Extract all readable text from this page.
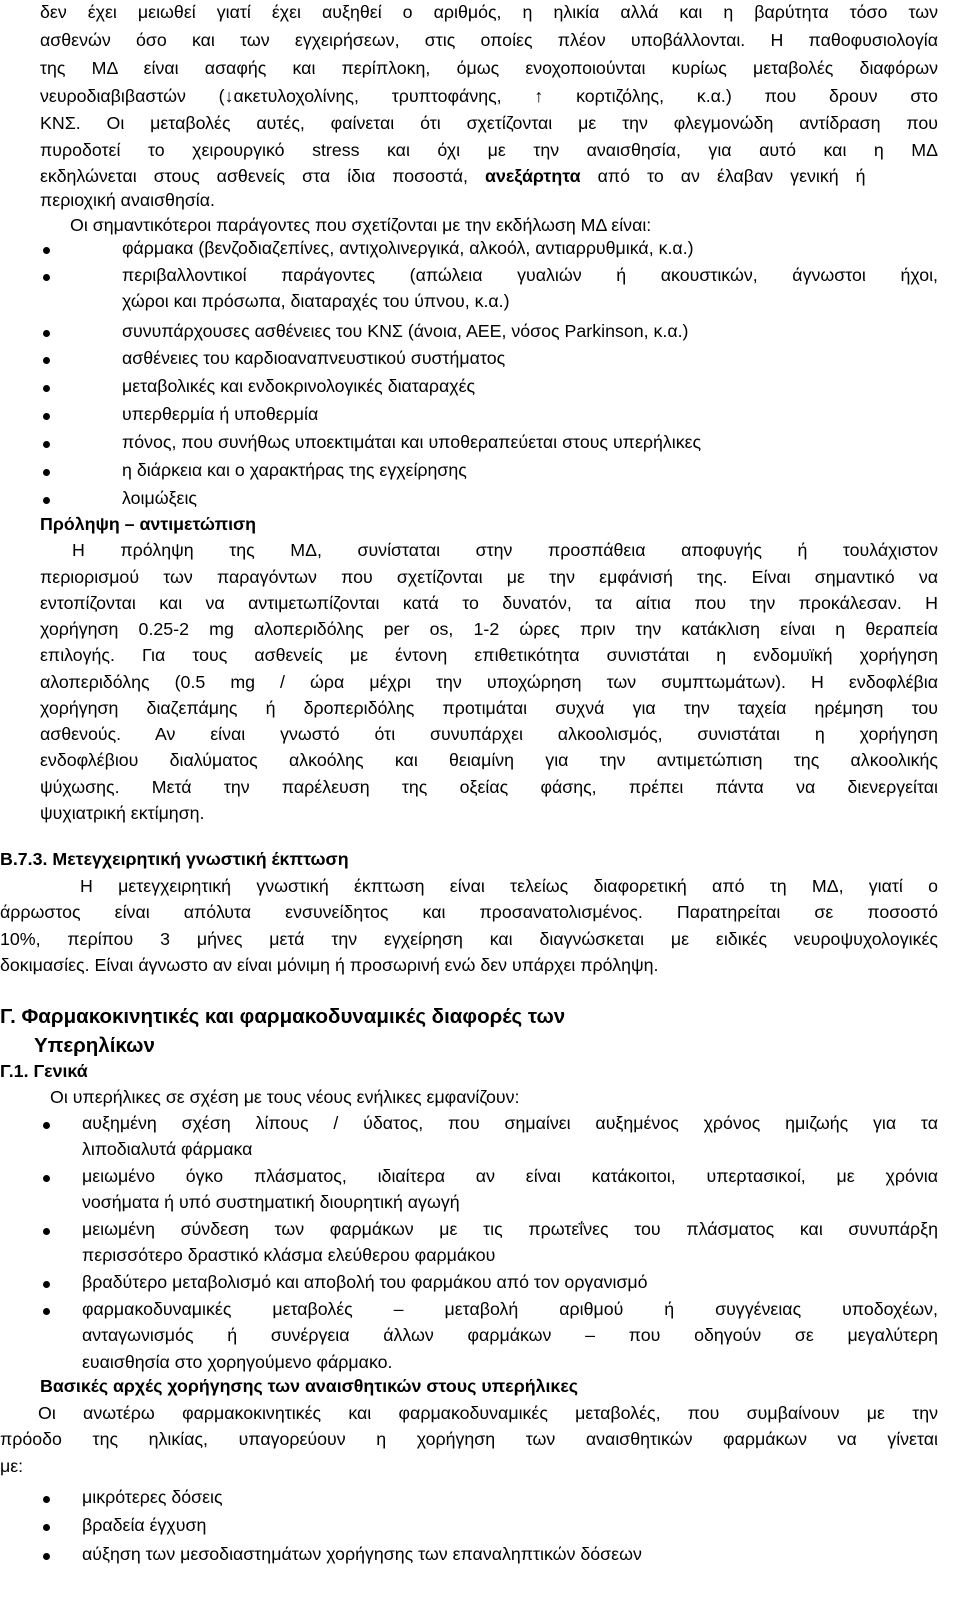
δεν έχει μειωθεί γιατί έχει αυξηθεί ο αριθμός, η ηλικία αλλά και η βαρύτητα τόσο των
ασθενών όσο και των εγχειρήσεων, στις οποίες πλέον υποβάλλονται. Η παθοφυσιολογία
της ΜΔ είναι ασαφής και περίπλοκη, όμως ενοχοποιούνται κυρίως μεταβολές διαφόρων
νευροδιαβιβαστών (↓ακετυλοχολίνης, τρυπτοφάνης, ↑ κορτιζόλης, κ.α.) που δρουν στο
ΚΝΣ. Οι μεταβολές αυτές, φαίνεται ότι σχετίζονται με την φλεγμονώδη αντίδραση που
πυροδοτεί το χειρουργικό stress και όχι με την αναισθησία, για αυτό και η ΜΔ
εκδηλώνεται στους ασθενείς στα ίδια ποσοστά, ανεξάρτητα από το αν έλαβαν γενική ή
περιοχική αναισθησία.
Οι σημαντικότεροι παράγοντες που σχετίζονται με την εκδήλωση ΜΔ είναι:
φάρμακα (βενζοδιαζεπίνες, αντιχολινεργικά, αλκοόλ, αντιαρρυθμικά, κ.α.)
περιβαλλοντικοί παράγοντες (απώλεια γυαλιών ή ακουστικών, άγνωστοι ήχοι,
χώροι και πρόσωπα, διαταραχές του ύπνου, κ.α.)
συνυπάρχουσες ασθένειες του ΚΝΣ (άνοια, ΑΕΕ, νόσος Parkinson, κ.α.)
ασθένειες του καρδιοαναπνευστικού συστήματος
μεταβολικές και ενδοκρινολογικές διαταραχές
υπερθερμία ή υποθερμία
πόνος, που συνήθως υποεκτιμάται και υποθεραπεύεται στους υπερήλικες
η διάρκεια και ο χαρακτήρας της εγχείρησης
λοιμώξεις
Πρόληψη – αντιμετώπιση
Η πρόληψη της ΜΔ, συνίσταται στην προσπάθεια αποφυγής ή τουλάχιστον
περιορισμού των παραγόντων που σχετίζονται με την εμφάνισή της. Είναι σημαντικό να
εντοπίζονται και να αντιμετωπίζονται κατά το δυνατόν, τα αίτια που την προκάλεσαν. Η
χορήγηση 0.25-2 mg αλοπεριδόλης per os, 1-2 ώρες πριν την κατάκλιση είναι η θεραπεία
επιλογής. Για τους ασθενείς με έντονη επιθετικότητα συνιστάται η ενδομυϊκή χορήγηση
αλοπεριδόλης (0.5 mg / ώρα μέχρι την υποχώρηση των συμπτωμάτων). Η ενδοφλέβια
χορήγηση διαζεπάμης ή δροπεριδόλης προτιμάται συχνά για την ταχεία ηρέμηση του
ασθενούς. Αν είναι γνωστό ότι συνυπάρχει αλκοολισμός, συνιστάται η χορήγηση
ενδοφλέβιου διαλύματος αλκοόλης και θειαμίνη για την αντιμετώπιση της αλκοολικής
ψύχωσης. Μετά την παρέλευση της οξείας φάσης, πρέπει πάντα να διενεργείται
ψυχιατρική εκτίμηση.
Β.7.3. Μετεγχειρητική γνωστική έκπτωση
Η μετεγχειρητική γνωστική έκπτωση είναι τελείως διαφορετική από τη ΜΔ, γιατί ο
άρρωστος είναι απόλυτα ενσυνείδητος και προσανατολισμένος. Παρατηρείται σε ποσοστό
10%, περίπου 3 μήνες μετά την εγχείρηση και διαγνώσκεται με ειδικές νευροψυχολογικές
δοκιμασίες. Είναι άγνωστο αν είναι μόνιμη ή προσωρινή ενώ δεν υπάρχει πρόληψη.
Γ. Φαρμακοκινητικές και φαρμακοδυναμικές διαφορές των
Υπερηλίκων
Γ.1. Γενικά
Οι υπερήλικες σε σχέση με τους νέους ενήλικες εμφανίζουν:
αυξημένη σχέση λίπους / ύδατος, που σημαίνει αυξημένος χρόνος ημιζωής για τα
λιποδιαλυτά φάρμακα
μειωμένο όγκο πλάσματος, ιδιαίτερα αν είναι κατάκοιτοι, υπερτασικοί, με χρόνια
νοσήματα ή υπό συστηματική διουρητική αγωγή
μειωμένη σύνδεση των φαρμάκων με τις πρωτεΐνες του πλάσματος και συνυπάρξη
περισσότερο δραστικό κλάσμα ελεύθερου φαρμάκου
βραδύτερο μεταβολισμό και αποβολή του φαρμάκου από τον οργανισμό
φαρμακοδυναμικές μεταβολές – μεταβολή αριθμού ή συγγένειας υποδοχέων,
ανταγωνισμός ή συνέργεια άλλων φαρμάκων – που οδηγούν σε μεγαλύτερη
ευαισθησία στο χορηγούμενο φάρμακο.
Βασικές αρχές χορήγησης των αναισθητικών στους υπερήλικες
Οι ανωτέρω φαρμακοκινητικές και φαρμακοδυναμικές μεταβολές, που συμβαίνουν με την
πρόοδο της ηλικίας, υπαγορεύουν η χορήγηση των αναισθητικών φαρμάκων να γίνεται
με:
μικρότερες δόσεις
βραδεία έγχυση
αύξηση των μεσοδιαστημάτων χορήγησης των επαναληπτικών δόσεων
